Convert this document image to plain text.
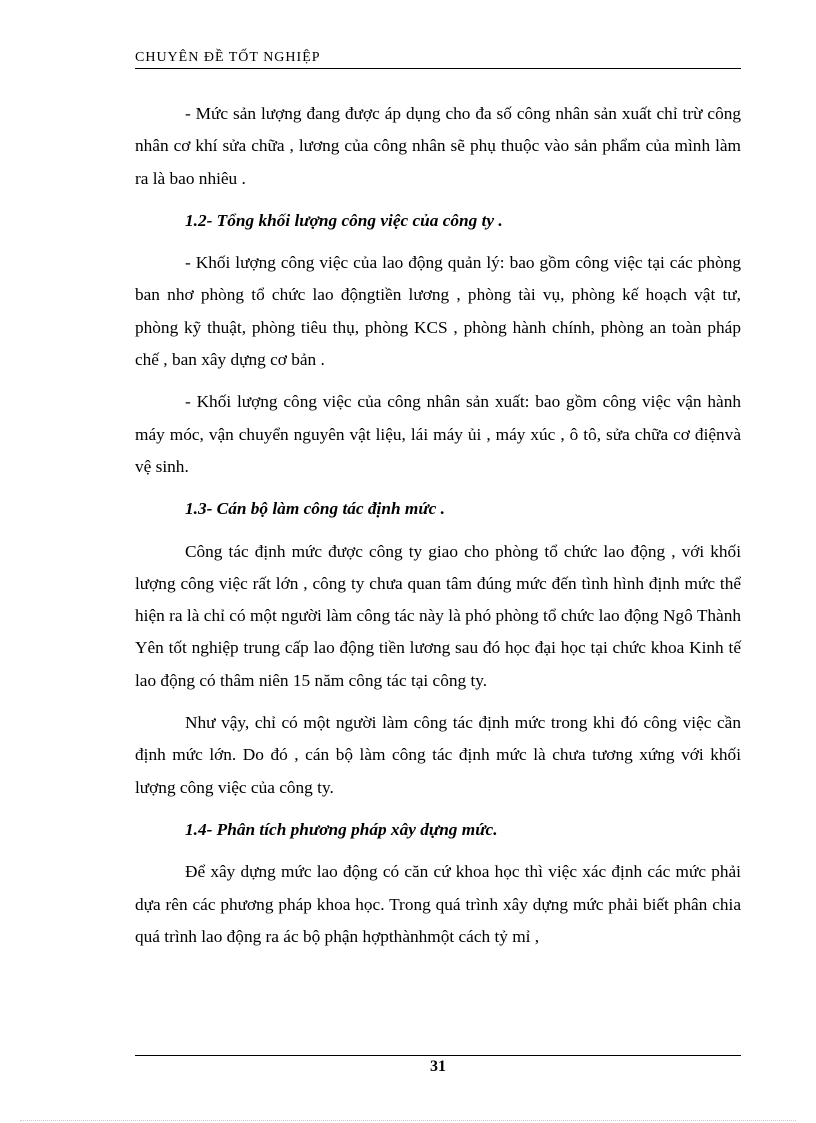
CHUYÊN ĐỀ TỐT NGHIỆP

- Mức sản lượng đang được áp dụng cho đa số công nhân sản xuất chỉ trừ công nhân cơ khí sửa chữa , lương của công nhân sẽ phụ thuộc vào sản phẩm của mình làm ra là bao nhiêu .

1.2- Tổng khối lượng công việc của công ty .

- Khối lượng công việc của lao động quản lý: bao gồm công việc tại các phòng ban nhơ phòng tổ chức lao độngtiền lương , phòng tài vụ, phòng kế hoạch vật tư, phòng kỹ thuật, phòng tiêu thụ, phòng KCS , phòng hành chính, phòng an toàn pháp chế , ban xây dựng cơ bản .

- Khối lượng công việc của công nhân sản xuất: bao gồm công việc vận hành máy móc, vận chuyển nguyên vật liệu, lái máy ủi , máy xúc , ô tô, sửa chữa cơ điệnvà vệ sinh.

1.3- Cán bộ làm công tác định mức .

Công tác định mức được công ty giao cho phòng tổ chức lao động , với khối lượng công việc rất lớn , công ty chưa quan tâm đúng mức đến tình hình định mức thể hiện ra là chỉ có một người làm công tác này là phó phòng tổ chức lao động Ngô Thành Yên tốt nghiệp trung cấp lao động tiền lương sau đó học đại học tại chức khoa Kinh tế lao động có thâm niên 15 năm công tác tại công ty.

Như vậy, chỉ có một người làm công tác định mức trong khi đó công việc cần định mức lớn. Do đó , cán bộ làm công tác định mức là chưa tương xứng với khối lượng công việc của công ty.

1.4- Phân tích phương pháp xây dựng mức.

Để xây dựng mức lao động có căn cứ khoa học thì việc xác định các mức phải dựa rên các phương pháp khoa học. Trong quá trình xây dựng mức phải biết phân chia quá trình lao động ra ác bộ phận hợpthànhmột cách tỷ mỉ ,

31
